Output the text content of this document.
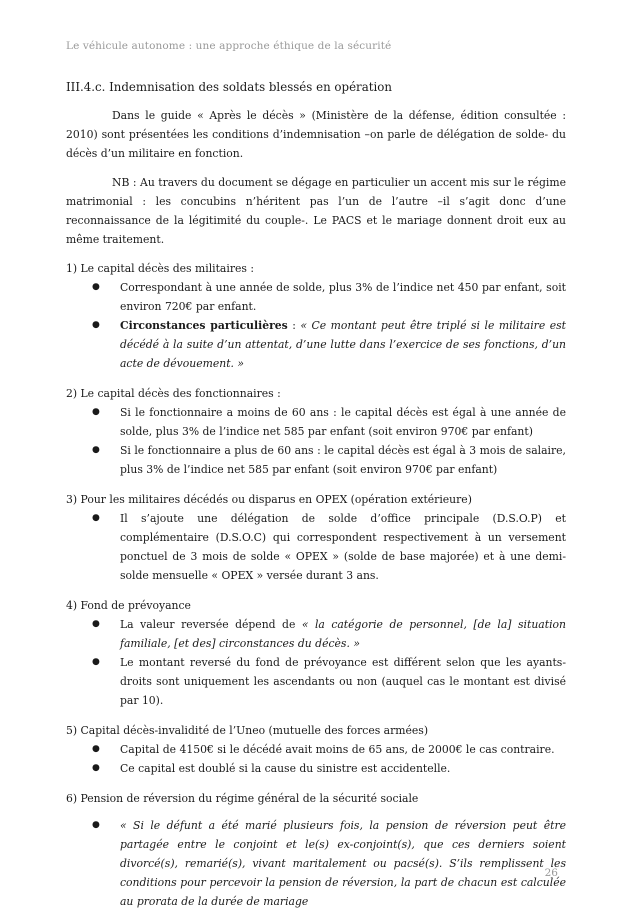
Le véhicule autonome : une approche éthique de la sécurité
III.4.c. Indemnisation des soldats blessés en opération

Dans le guide « Après le décès » (Ministère de la défense, édition consultée : 2010) sont présentées les conditions d’indemnisation –on parle de délégation de solde- du décès d’un militaire en fonction.

NB : Au travers du document se dégage en particulier un accent mis sur le régime matrimonial : les concubins n’héritent pas l’un de l’autre –il s’agit donc d’une reconnaissance de la légitimité du couple-. Le PACS et le mariage donnent droit eux au même traitement.

1) Le capital décès des militaires :
● Correspondant à une année de solde, plus 3% de l’indice net 450 par enfant, soit environ 720€ par enfant.
● Circonstances particulières : « Ce montant peut être triplé si le militaire est décédé à la suite d’un attentat, d’une lutte dans l’exercice de ses fonctions, d’un acte de dévouement. »
2) Le capital décès des fonctionnaires :
● Si le fonctionnaire a moins de 60 ans : le capital décès est égal à une année de solde, plus 3% de l’indice net 585 par enfant (soit environ 970€ par enfant)
● Si le fonctionnaire a plus de 60 ans : le capital décès est égal à 3 mois de salaire, plus 3% de l’indice net 585 par enfant (soit environ 970€ par enfant)
3) Pour les militaires décédés ou disparus en OPEX (opération extérieure)
● Il s’ajoute une délégation de solde d’office principale (D.S.O.P) et complémentaire (D.S.O.C) qui correspondent respectivement à un versement ponctuel de 3 mois de solde « OPEX » (solde de base majorée) et à une demi-solde mensuelle « OPEX » versée durant 3 ans.
4) Fond de prévoyance
● La valeur reversée dépend de « la catégorie de personnel, [de la] situation familiale, [et des] circonstances du décès. »
● Le montant reversé du fond de prévoyance est différent selon que les ayants-droits sont uniquement les ascendants ou non (auquel cas le montant est divisé par 10).
5) Capital décès-invalidité de l’Uneo (mutuelle des forces armées)
● Capital de 4150€ si le décédé avait moins de 65 ans, de 2000€ le cas contraire.
● Ce capital est doublé si la cause du sinistre est accidentelle.
6) Pension de réversion du régime général de la sécurité sociale
● « Si le défunt a été marié plusieurs fois, la pension de réversion peut être partagée entre le conjoint et le(s) ex-conjoint(s), que ces derniers soient divorcé(s), remarié(s), vivant maritalement ou pacsé(s). S’ils remplissent les conditions pour percevoir la pension de réversion, la part de chacun est calculée au prorata de la durée de mariage
26
